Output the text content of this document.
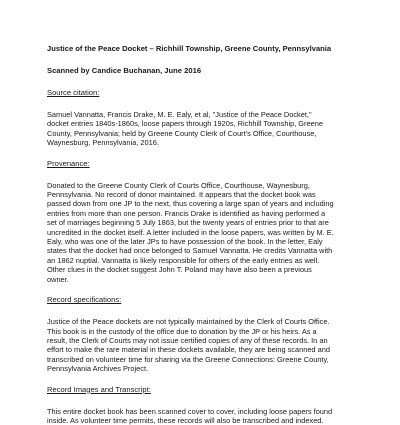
Justice of the Peace Docket – Richhill Township, Greene County, Pennsylvania

Scanned by Candice Buchanan, June 2016

Source citation:

Samuel Vannatta, Francis Drake, M. E. Ealy, et al, "Justice of the Peace Docket,"

docket entries 1840s-1860s, loose papers through 1920s, Richhill Township, Greene

County, Pennsylvania; held by Greene County Clerk of Court's Office, Courthouse,

Waynesburg, Pennsylvania, 2016.

Provenance:

Donated to the Greene County Clerk of Courts Office, Courthouse, Waynesburg,

Pennsylvania. No record of donor maintained. It appears that the docket book was

passed down from one JP to the next, thus covering a large span of years and including

entries from more than one person. Francis Drake is identified as having performed a

set of marriages beginning 5 July 1863, but the twenty years of entries prior to that are

uncredited in the docket itself. A letter included in the loose papers, was written by M. E.

Ealy, who was one of the later JPs to have possession of the book. In the letter, Ealy

states that the docket had once belonged to Samuel Vannatta. He credits Vannatta with

an 1862 nuptial. Vannatta is likely responsible for others of the early entries as well.

Other clues in the docket suggest John T. Poland may have also been a previous

owner.

Record specifications:

Justice of the Peace dockets are not typically maintained by the Clerk of Courts Office.

This book is in the custody of the office due to donation by the JP or his heirs. As a

result, the Clerk of Courts may not issue certified copies of any of these records. In an

effort to make the rare material in these dockets available, they are being scanned and

transcribed on volunteer time for sharing via the Greene Connections: Greene County,

Pennsylvania Archives Project.

Record Images and Transcript:

This entire docket book has been scanned cover to cover, including loose papers found

inside. As volunteer time permits, these records will also be transcribed and indexed.
